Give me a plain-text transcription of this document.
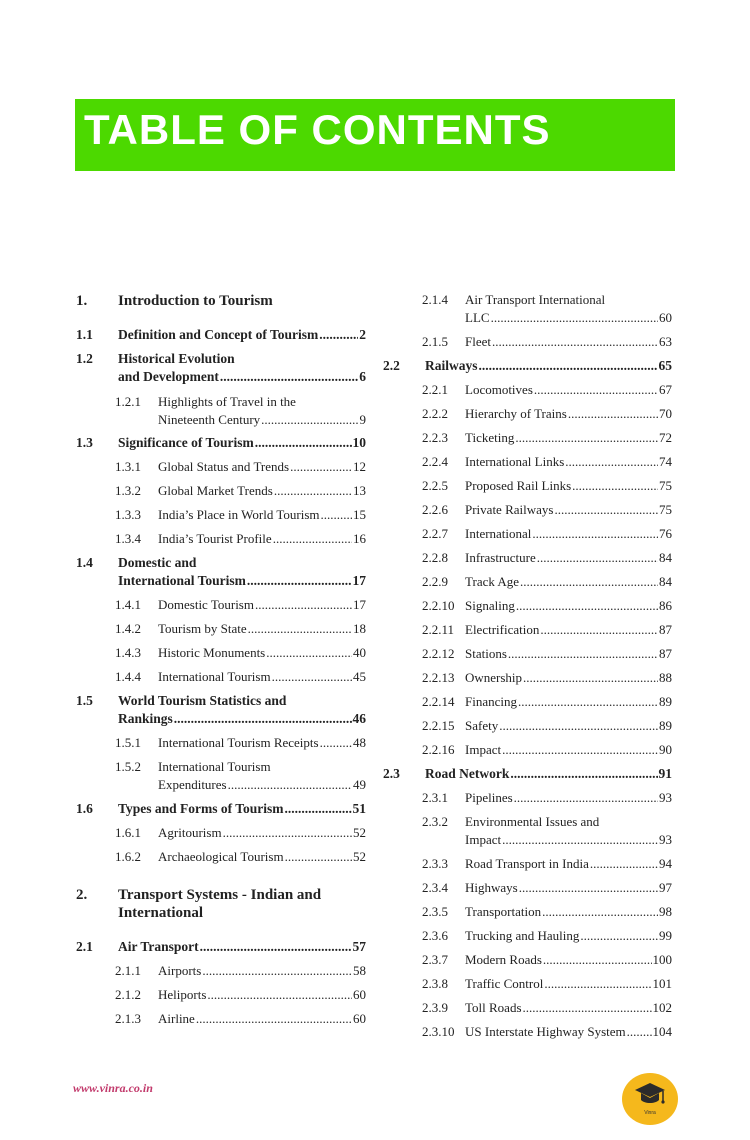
TABLE OF CONTENTS
1.	Introduction to Tourism
1.1	Definition and Concept of Tourism .....	2
1.2	Historical Evolution
and Development .....	6
1.2.1	Highlights of Travel in the
Nineteenth Century .....	9
1.3	Significance of Tourism .....	10
1.3.1	Global Status and Trends .....	12
1.3.2	Global Market Trends .....	13
1.3.3	India’s Place in World Tourism .....	15
1.3.4	India’s Tourist Profile .....	16
1.4	Domestic and
International Tourism .....	17
1.4.1	Domestic Tourism .....	17
1.4.2	Tourism by State .....	18
1.4.3	Historic Monuments .....	40
1.4.4	International Tourism .....	45
1.5	World Tourism Statistics and
Rankings .....	46
1.5.1	International Tourism Receipts .....	48
1.5.2	International Tourism
Expenditures .....	49
1.6	Types and Forms of Tourism .....	51
1.6.1	Agritourism .....	52
1.6.2	Archaeological Tourism .....	52
2.	Transport Systems - Indian and International
2.1	Air Transport .....	57
2.1.1	Airports .....	58
2.1.2	Heliports .....	60
2.1.3	Airline .....	60
2.1.4	Air Transport International
LLC .....	60
2.1.5	Fleet .....	63
2.2	Railways .....	65
2.2.1	Locomotives .....	67
2.2.2	Hierarchy of Trains .....	70
2.2.3	Ticketing .....	72
2.2.4	International Links .....	74
2.2.5	Proposed Rail Links .....	75
2.2.6	Private Railways .....	75
2.2.7	International .....	76
2.2.8	Infrastructure .....	84
2.2.9	Track Age .....	84
2.2.10 Signaling .....	86
2.2.11 Electrification .....	87
2.2.12 Stations .....	87
2.2.13 Ownership .....	88
2.2.14 Financing .....	89
2.2.15 Safety .....	89
2.2.16 Impact .....	90
2.3	Road Network .....	91
2.3.1	Pipelines .....	93
2.3.2	Environmental Issues and
Impact .....	93
2.3.3	Road Transport in India .....	94
2.3.4	Highways .....	97
2.3.5	Transportation .....	98
2.3.6	Trucking and Hauling .....	99
2.3.7	Modern Roads .....	100
2.3.8	Traffic Control .....	101
2.3.9	Toll Roads .....	102
2.3.10 US Interstate Highway System ..... 104
www.vinra.co.in
Vinra
